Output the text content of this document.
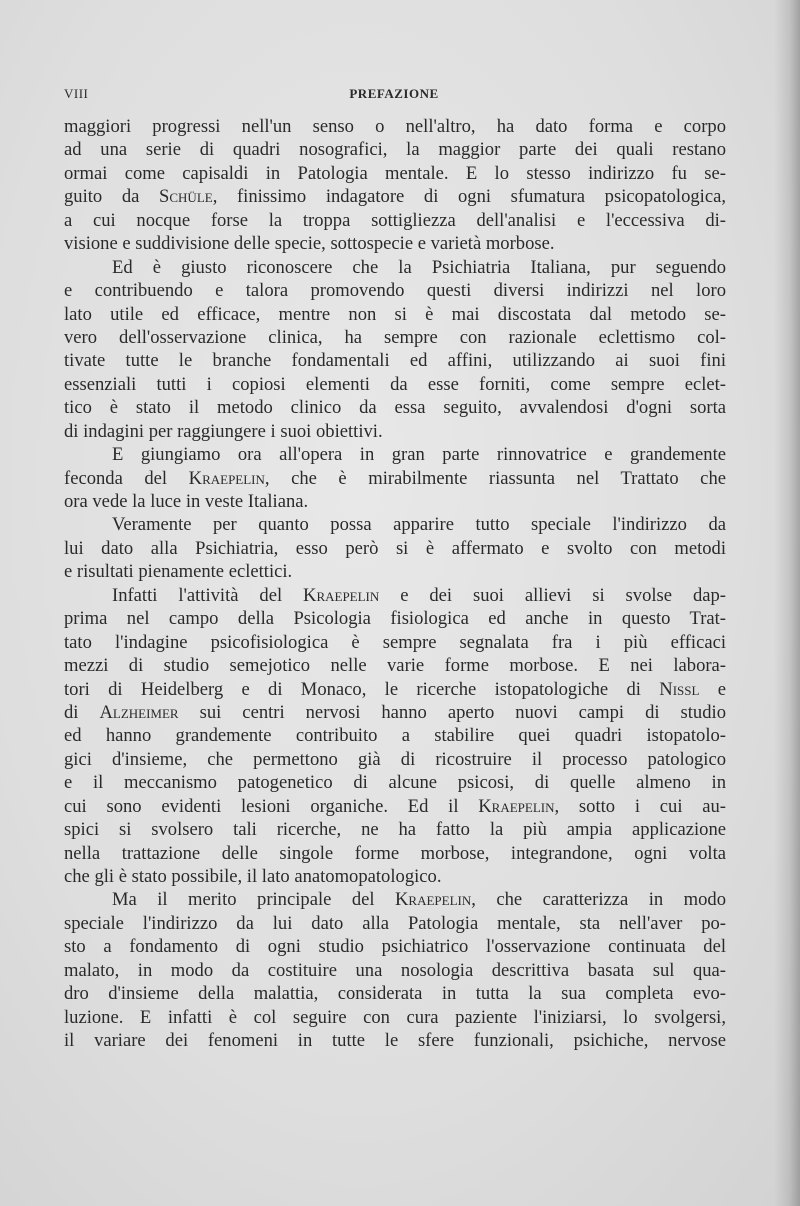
VIII	PREFAZIONE
maggiori progressi nell'un senso o nell'altro, ha dato forma e corpo
ad una serie di quadri nosografici, la maggior parte dei quali restano
ormai come capisaldi in Patologia mentale. E lo stesso indirizzo fu se-
guito da Schüle, finissimo indagatore di ogni sfumatura psicopatologica,
a cui nocque forse la troppa sottigliezza dell'analisi e l'eccessiva di-
visione e suddivisione delle specie, sottospecie e varietà morbose.
Ed è giusto riconoscere che la Psichiatria Italiana, pur seguendo
e contribuendo e talora promovendo questi diversi indirizzi nel loro
lato utile ed efficace, mentre non si è mai discostata dal metodo se-
vero dell'osservazione clinica, ha sempre con razionale eclettismo col-
tivate tutte le branche fondamentali ed affini, utilizzando ai suoi fini
essenziali tutti i copiosi elementi da esse forniti, come sempre eclet-
tico è stato il metodo clinico da essa seguito, avvalendosi d'ogni sorta
di indagini per raggiungere i suoi obiettivi.
E giungiamo ora all'opera in gran parte rinnovatrice e grandemente
feconda del Kraepelin, che è mirabilmente riassunta nel Trattato che
ora vede la luce in veste Italiana.
Veramente per quanto possa apparire tutto speciale l'indirizzo da
lui dato alla Psichiatria, esso però si è affermato e svolto con metodi
e risultati pienamente eclettici.
Infatti l'attività del Kraepelin e dei suoi allievi si svolse dap-
prima nel campo della Psicologia fisiologica ed anche in questo Trat-
tato l'indagine psicofisiologica è sempre segnalata fra i più efficaci
mezzi di studio semejotico nelle varie forme morbose. E nei labora-
tori di Heidelberg e di Monaco, le ricerche istopatologiche di Nissl e
di Alzheimer sui centri nervosi hanno aperto nuovi campi di studio
ed hanno grandemente contribuito a stabilire quei quadri istopatolo-
gici d'insieme, che permettono già di ricostruire il processo patologico
e il meccanismo patogenetico di alcune psicosi, di quelle almeno in
cui sono evidenti lesioni organiche. Ed il Kraepelin, sotto i cui au-
spici si svolsero tali ricerche, ne ha fatto la più ampia applicazione
nella trattazione delle singole forme morbose, integrandone, ogni volta
che gli è stato possibile, il lato anatomopatologico.
Ma il merito principale del Kraepelin, che caratterizza in modo
speciale l'indirizzo da lui dato alla Patologia mentale, sta nell'aver po-
sto a fondamento di ogni studio psichiatrico l'osservazione continuata del
malato, in modo da costituire una nosologia descrittiva basata sul qua-
dro d'insieme della malattia, considerata in tutta la sua completa evo-
luzione. E infatti è col seguire con cura paziente l'iniziarsi, lo svolgersi,
il variare dei fenomeni in tutte le sfere funzionali, psichiche, nervose
